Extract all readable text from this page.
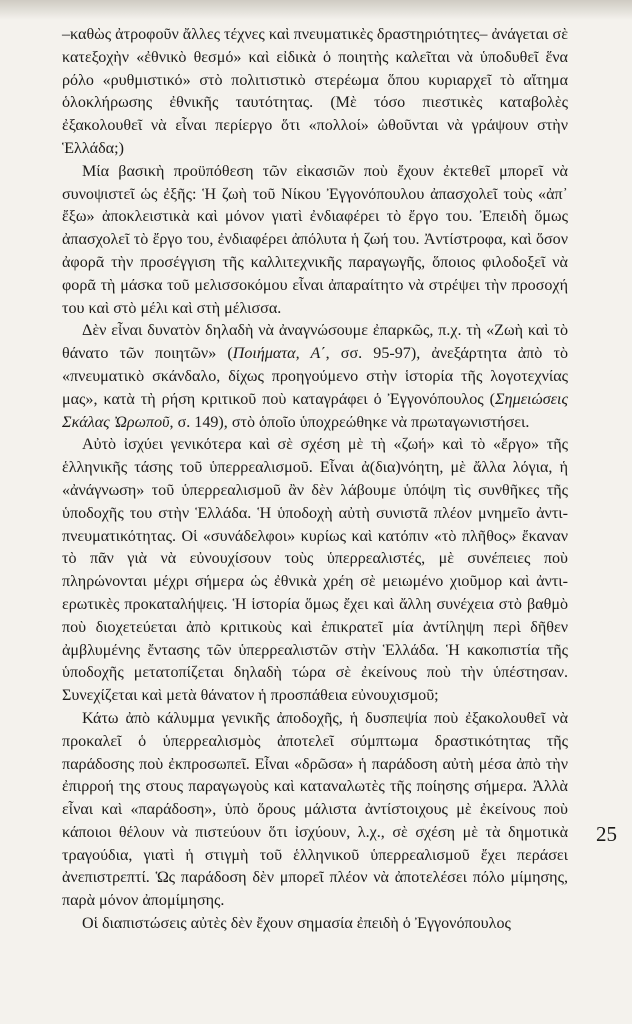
–καθὼς ἀτροφοῦν ἄλλες τέχνες καὶ πνευματικὲς δραστηριότητες– ἀνάγεται σὲ κατεξοχὴν «ἐθνικὸ θεσμό» καὶ εἰδικὰ ὁ ποιητὴς καλεῖται νὰ ὑποδυθεῖ ἕνα ρόλο «ρυθμιστικό» στὸ πολιτιστικὸ στερέωμα ὅπου κυριαρχεῖ τὸ αἴτημα ὁλοκλήρωσης ἐθνικῆς ταυτότητας. (Μὲ τόσο πιεστικὲς καταβολὲς ἐξακολουθεῖ νὰ εἶναι περίεργο ὅτι «πολλοί» ὠθοῦνται νὰ γράψουν στὴν Ἑλλάδα;)

Μία βασικὴ προϋπόθεση τῶν εἰκασιῶν ποὺ ἔχουν ἐκτεθεῖ μπορεῖ νὰ συνοψιστεῖ ὡς ἐξῆς: Ἡ ζωὴ τοῦ Νίκου Ἐγγονόπουλου ἀπασχολεῖ τοὺς «ἀπ᾿ ἔξω» ἀποκλειστικὰ καὶ μόνον γιατὶ ἐνδιαφέρει τὸ ἔργο του. Ἐπειδὴ ὅμως ἀπασχολεῖ τὸ ἔργο του, ἐνδιαφέρει ἀπόλυτα ἡ ζωή του. Ἀντίστροφα, καὶ ὅσον ἀφορᾶ τὴν προσέγγιση τῆς καλλιτεχνικῆς παραγωγῆς, ὅποιος φιλοδοξεῖ νὰ φορᾶ τὴ μάσκα τοῦ μελισσοκόμου εἶναι ἀπαραίτητο νὰ στρέψει τὴν προσοχή του καὶ στὸ μέλι καὶ στὴ μέλισσα.

Δὲν εἶναι δυνατὸν δηλαδὴ νὰ ἀναγνώσουμε ἐπαρκῶς, π.χ. τὴ «Ζωὴ καὶ τὸ θάνατο τῶν ποιητῶν» (Ποιήματα, Α΄, σσ. 95-97), ἀνεξάρτητα ἀπὸ τὸ «πνευματικὸ σκάνδαλο, δίχως προηγούμενο στὴν ἱστορία τῆς λογοτεχνίας μας», κατὰ τὴ ρήση κριτικοῦ ποὺ καταγράφει ὁ Ἐγγονόπουλος (Σημειώσεις Σκάλας Ὠρωποῦ, σ. 149), στὸ ὁποῖο ὑποχρεώθηκε νὰ πρωταγωνιστήσει.

Αὐτὸ ἰσχύει γενικότερα καὶ σὲ σχέση μὲ τὴ «ζωή» καὶ τὸ «ἔργο» τῆς ἑλληνικῆς τάσης τοῦ ὑπερρεαλισμοῦ. Εἶναι ἀ(δια)νόητη, μὲ ἄλλα λόγια, ἡ «ἀνάγνωση» τοῦ ὑπερρεαλισμοῦ ἂν δὲν λάβουμε ὑπόψη τὶς συνθῆκες τῆς ὑποδοχῆς του στὴν Ἑλλάδα. Ἡ ὑποδοχὴ αὐτὴ συνιστᾶ πλέον μνημεῖο ἀντι-πνευματικότητας. Οἱ «συνάδελφοι» κυρίως καὶ κατόπιν «τὸ πλῆθος» ἔκαναν τὸ πᾶν γιὰ νὰ εὐνουχίσουν τοὺς ὑπερρεαλιστές, μὲ συνέπειες ποὺ πληρώνονται μέχρι σήμερα ὡς ἐθνικὰ χρέη σὲ μειωμένο χιοῦμορ καὶ ἀντι-ερωτικὲς προκαταλήψεις. Ἡ ἱστορία ὅμως ἔχει καὶ ἄλλη συνέχεια στὸ βαθμὸ ποὺ διοχετεύεται ἀπὸ κριτικοὺς καὶ ἐπικρατεῖ μία ἀντίληψη περὶ δῆθεν ἀμβλυμένης ἔντασης τῶν ὑπερρεαλιστῶν στὴν Ἑλλάδα. Ἡ κακοπιστία τῆς ὑποδοχῆς μετατοπίζεται δηλαδὴ τώρα σὲ ἐκείνους ποὺ τὴν ὑπέστησαν. Συνεχίζεται καὶ μετὰ θάνατον ἡ προσπάθεια εὐνουχισμοῦ;

Κάτω ἀπὸ κάλυμμα γενικῆς ἀποδοχῆς, ἡ δυσπεψία ποὺ ἐξακολουθεῖ νὰ προκαλεῖ ὁ ὑπερρεαλισμὸς ἀποτελεῖ σύμπτωμα δραστικότητας τῆς παράδοσης ποὺ ἐκπροσωπεῖ. Εἶναι «δρῶσα» ἡ παράδοση αὐτὴ μέσα ἀπὸ τὴν ἐπιρροή της στους παραγωγοὺς καὶ καταναλωτὲς τῆς ποίησης σήμερα. Ἀλλὰ εἶναι καὶ «παράδοση», ὑπὸ ὅρους μάλιστα ἀντίστοιχους μὲ ἐκείνους ποὺ κάποιοι θέλουν νὰ πιστεύουν ὅτι ἰσχύουν, λ.χ., σὲ σχέση μὲ τὰ δημοτικὰ τραγούδια, γιατὶ ἡ στιγμὴ τοῦ ἑλληνικοῦ ὑπερρεαλισμοῦ ἔχει περάσει ἀνεπιστρεπτί. Ὡς παράδοση δὲν μπορεῖ πλέον νὰ ἀποτελέσει πόλο μίμησης, παρὰ μόνον ἀπομίμησης.

Οἱ διαπιστώσεις αὐτὲς δὲν ἔχουν σημασία ἐπειδὴ ὁ Ἐγγονόπουλος

25
